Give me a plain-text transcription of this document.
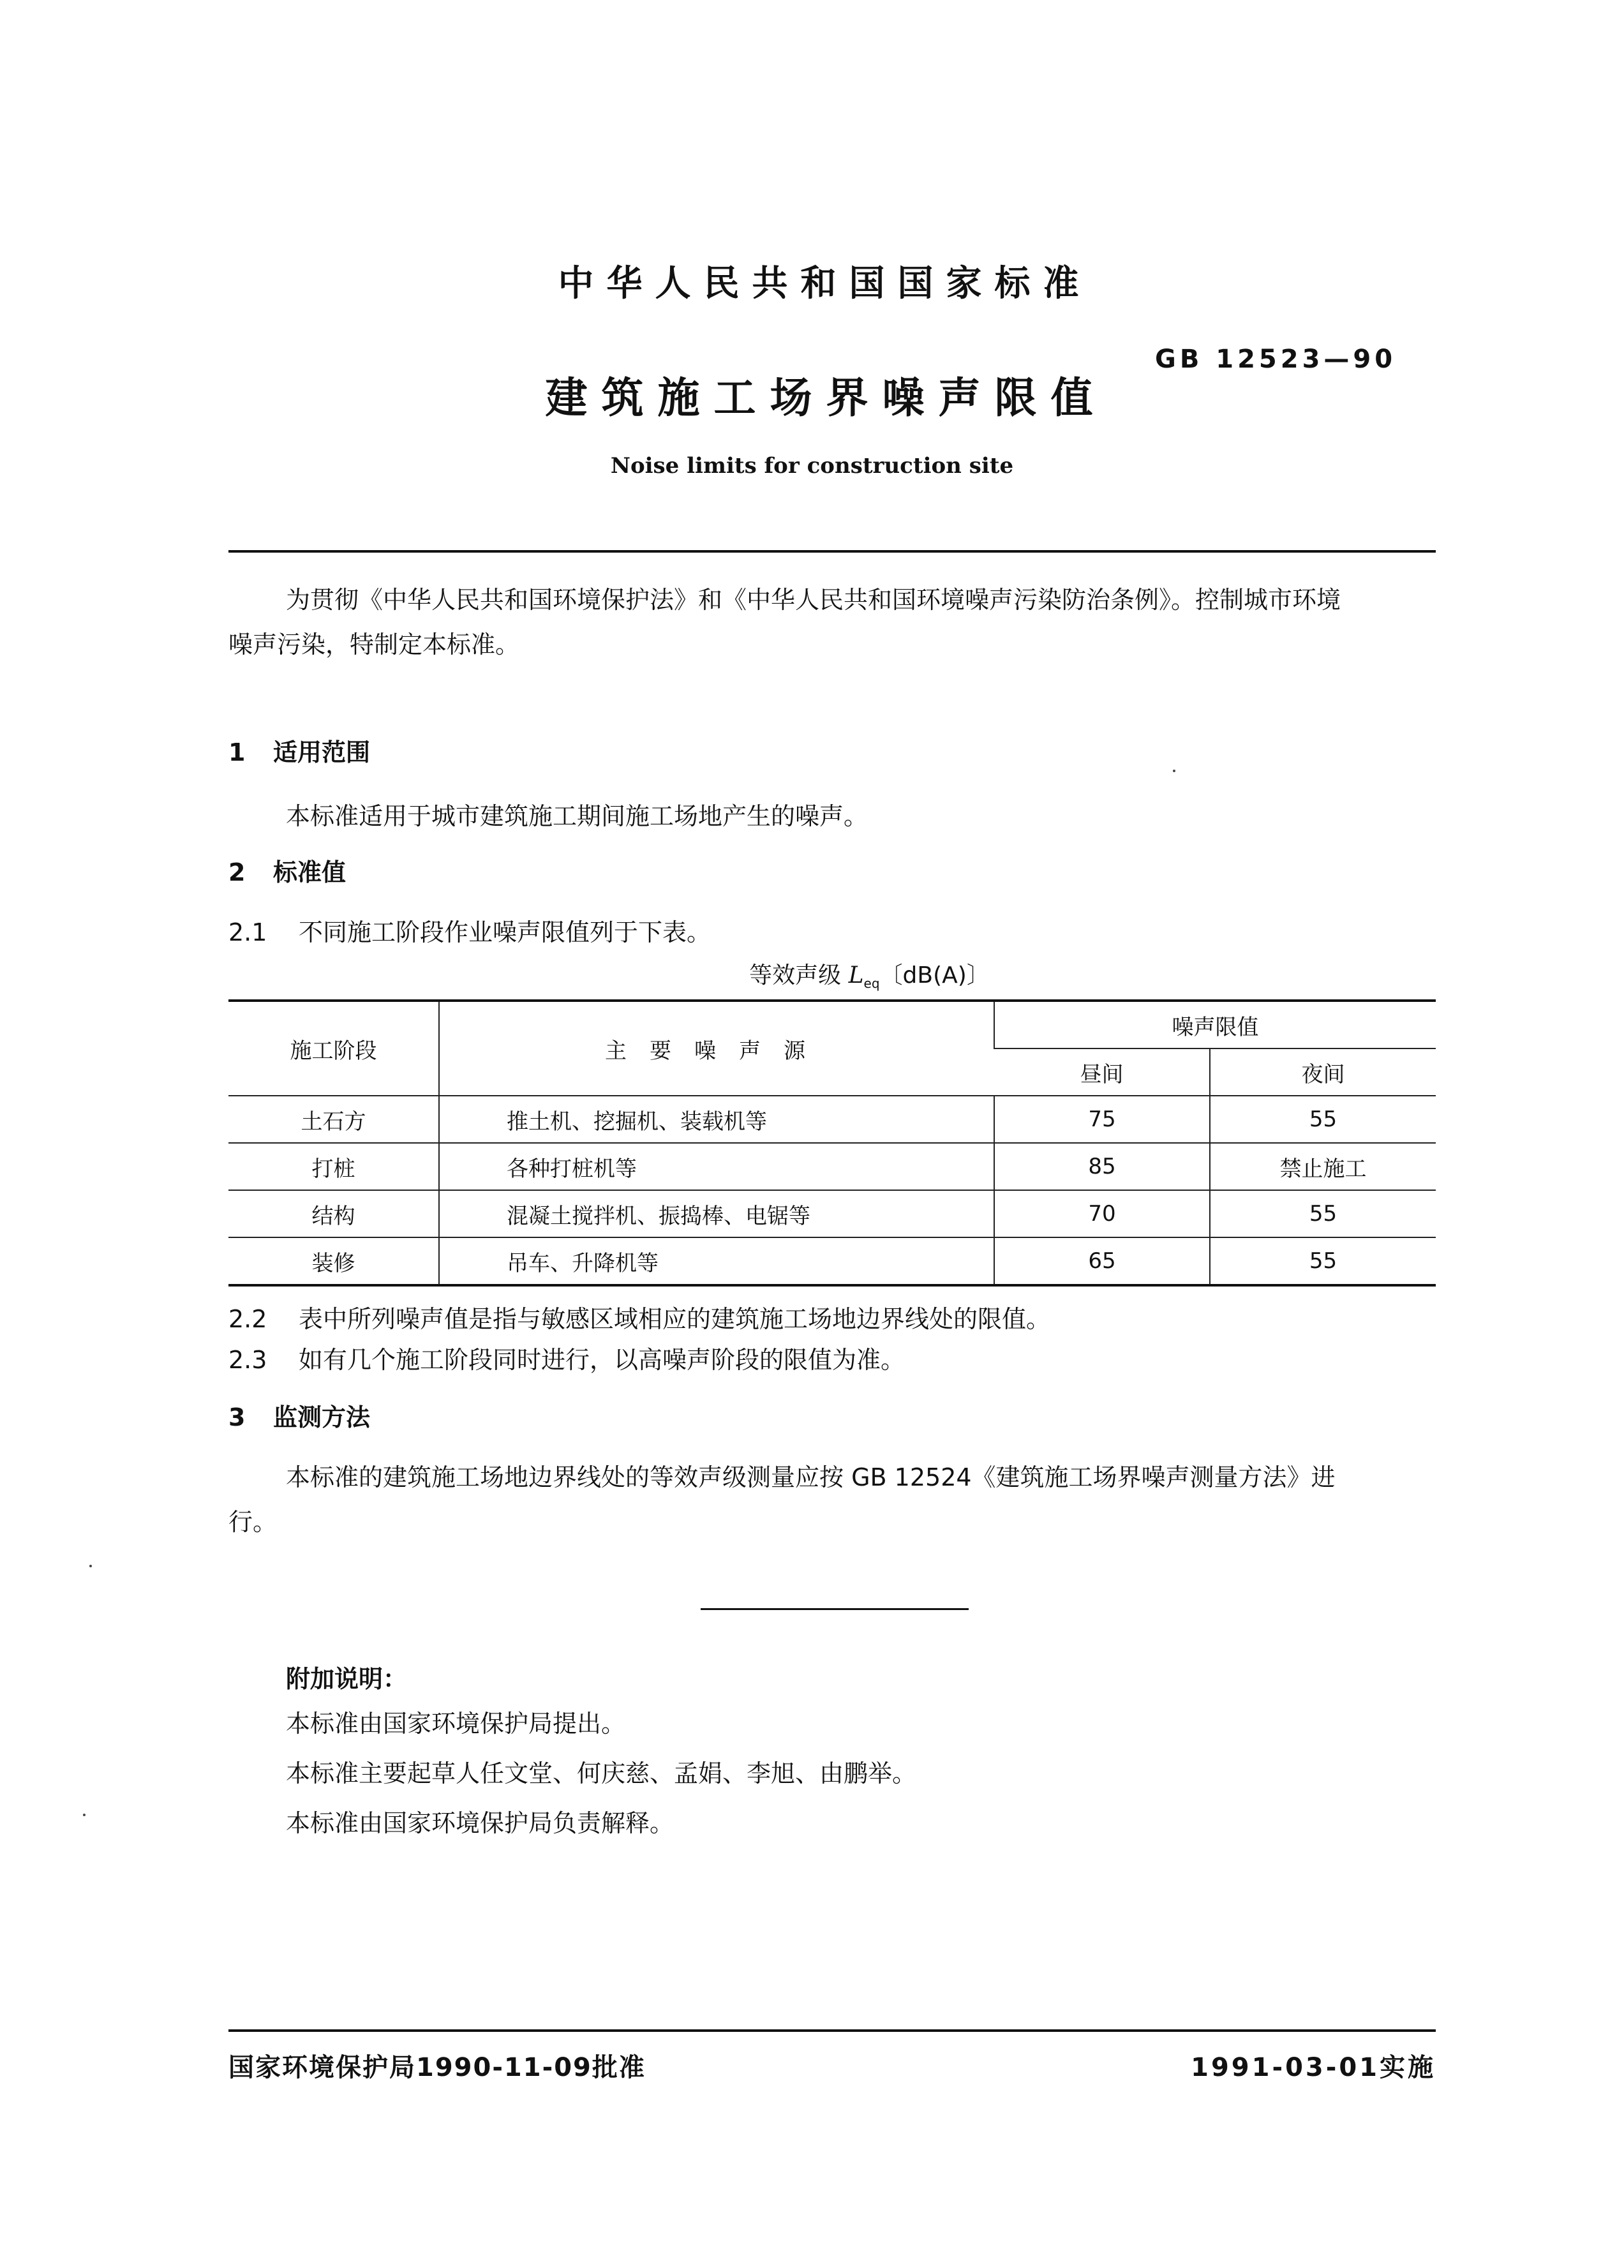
中华人民共和国国家标准
GB 12523—90
建筑施工场界噪声限值
Noise limits for construction site
为贯彻《中华人民共和国环境保护法》和《中华人民共和国环境噪声污染防治条例》。控制城市环境
噪声污染，特制定本标准。
1 适用范围
本标准适用于城市建筑施工期间施工场地产生的噪声。
2 标准值
2.1 不同施工阶段作业噪声限值列于下表。
等效声级 $L_{eq}$〔dB(A)〕
施工阶段	主要噪声源	噪声限值	
		昼间	夜间
土石方	推土机、挖掘机、装载机等	75	55
打桩	各种打桩机等	85	禁止施工
结构	混凝土搅拌机、振捣棒、电锯等	70	55
装修	吊车、升降机等	65	55
2.2 表中所列噪声值是指与敏感区域相应的建筑施工场地边界线处的限值。
2.3 如有几个施工阶段同时进行，以高噪声阶段的限值为准。
3 监测方法
本标准的建筑施工场地边界线处的等效声级测量应按 GB 12524《建筑施工场界噪声测量方法》进
行。
附加说明：
本标准由国家环境保护局提出。
本标准主要起草人任文堂、何庆慈、孟娟、李旭、由鹏举。
本标准由国家环境保护局负责解释。
国家环境保护局1990-11-09批准	1991-03-01实施
